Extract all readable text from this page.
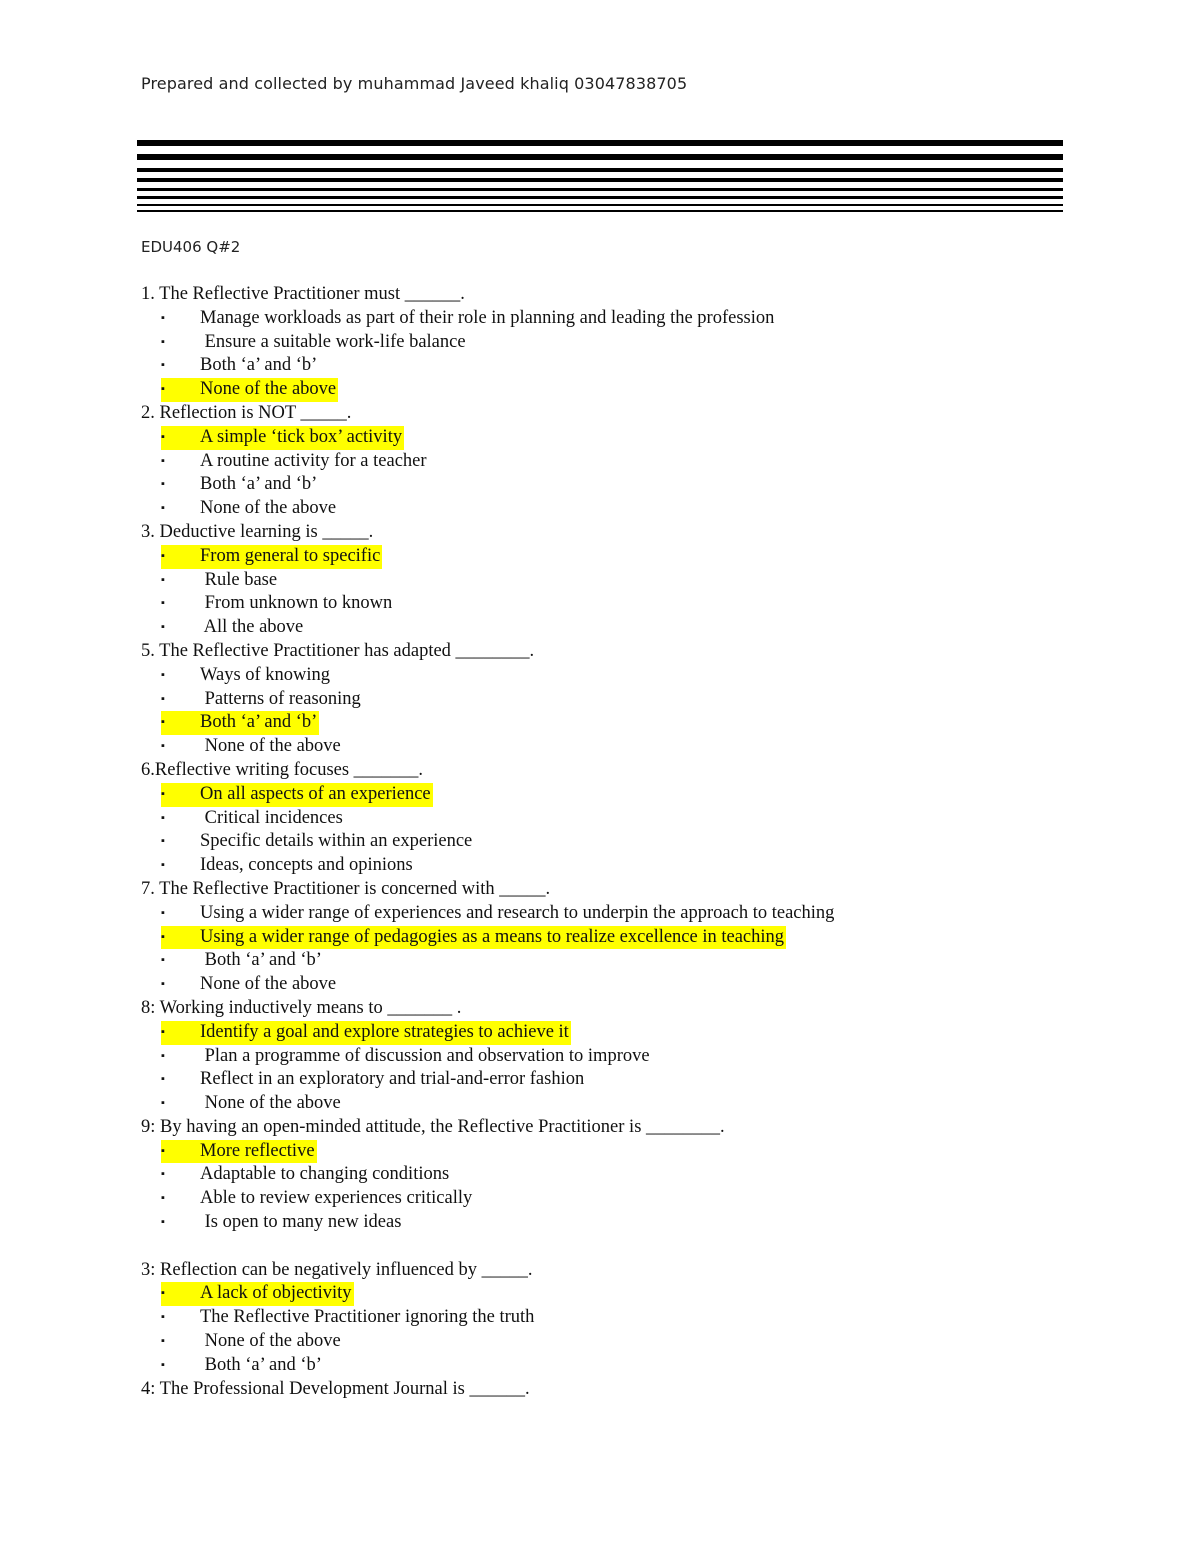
Prepared and collected by muhammad Javeed khaliq 03047838705
EDU406 Q#2
1. The Reflective Practitioner must ______.
▪ Manage workloads as part of their role in planning and leading the profession
▪ Ensure a suitable work-life balance
▪ Both ‘a’ and ‘b’
▪ None of the above
2. Reflection is NOT _____.
▪ A simple ‘tick box’ activity
▪ A routine activity for a teacher
▪ Both ‘a’ and ‘b’
▪ None of the above
3. Deductive learning is _____.
▪ From general to specific
▪ Rule base
▪ From unknown to known
▪ All the above
5. The Reflective Practitioner has adapted ________.
▪ Ways of knowing
▪ Patterns of reasoning
▪ Both ‘a’ and ‘b’
▪ None of the above
6.Reflective writing focuses _______.
▪ On all aspects of an experience
▪ Critical incidences
▪ Specific details within an experience
▪ Ideas, concepts and opinions
7. The Reflective Practitioner is concerned with _____.
▪ Using a wider range of experiences and research to underpin the approach to teaching
▪ Using a wider range of pedagogies as a means to realize excellence in teaching
▪ Both ‘a’ and ‘b’
▪ None of the above
8: Working inductively means to _______ .
▪ Identify a goal and explore strategies to achieve it
▪ Plan a programme of discussion and observation to improve
▪ Reflect in an exploratory and trial-and-error fashion
▪ None of the above
9: By having an open-minded attitude, the Reflective Practitioner is ________.
▪ More reflective
▪ Adaptable to changing conditions
▪ Able to review experiences critically
▪ Is open to many new ideas
3: Reflection can be negatively influenced by _____.
▪ A lack of objectivity
▪ The Reflective Practitioner ignoring the truth
▪ None of the above
▪ Both ‘a’ and ‘b’
4: The Professional Development Journal is ______.
